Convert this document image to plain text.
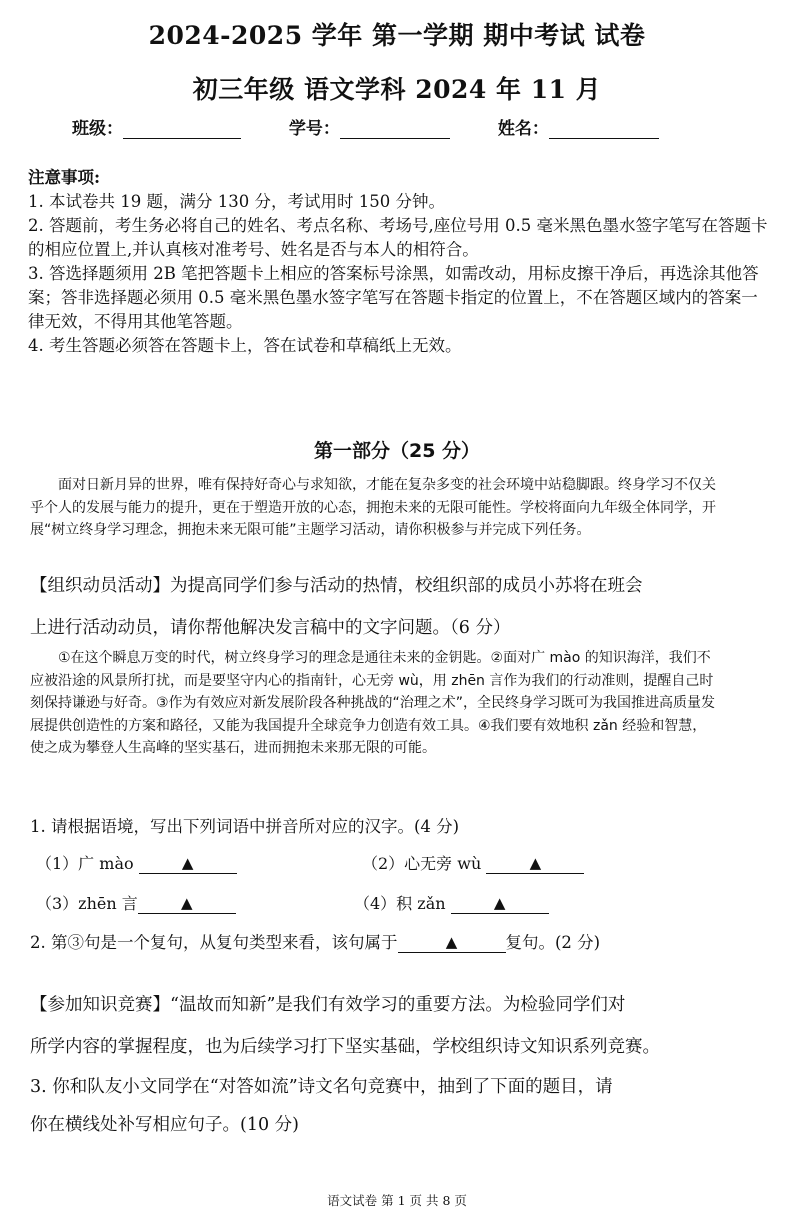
2024-2025 学年 第一学期 期中考试 试卷
初三年级 语文学科 2024 年 11 月
班级：	学号：	姓名：
注意事项:
1. 本试卷共 19 题，满分 130 分，考试用时 150 分钟。
2. 答题前，考生务必将自己的姓名、考点名称、考场号,座位号用 0.5 毫米黑色墨水签字笔写在答题卡的相应位置上,并认真核对准考号、姓名是否与本人的相符合。
3. 答选择题须用 2B 笔把答题卡上相应的答案标号涂黑，如需改动，用标皮擦干净后，再选涂其他答案；答非选择题必须用 0.5 毫米黑色墨水签字笔写在答题卡指定的位置上，不在答题区域内的答案一律无效，不得用其他笔答题。
4. 考生答题必须答在答题卡上，答在试卷和草稿纸上无效。
第一部分（25 分）
面对日新月异的世界，唯有保持好奇心与求知欲，才能在复杂多变的社会环境中站稳脚跟。终身学习不仅关乎个人的发展与能力的提升，更在于塑造开放的心态，拥抱未来的无限可能性。学校将面向九年级全体同学，开展“树立终身学习理念，拥抱未来无限可能”主题学习活动，请你积极参与并完成下列任务。
【组织动员活动】为提高同学们参与活动的热情，校组织部的成员小苏将在班会
上进行活动动员，请你帮他解决发言稿中的文字问题。（6 分）
①在这个瞬息万变的时代，树立终身学习的理念是通往未来的金钥匙。②面对广 mào 的知识海洋，我们不应被沿途的风景所打扰，而是要坚守内心的指南针，心无旁 wù，用 zhēn 言作为我们的行动准则，提醒自己时刻保持谦逊与好奇。③作为有效应对新发展阶段各种挑战的“治理之术”，全民终身学习既可为我国推进高质量发展提供创造性的方案和路径，又能为我国提升全球竞争力创造有效工具。④我们要有效地积 zǎn 经验和智慧，使之成为攀登人生高峰的坚实基石，进而拥抱未来那无限的可能。
1. 请根据语境，写出下列词语中拼音所对应的汉字。(4 分)
（1）广 mào	▲	（2）心无旁 wù	▲
（3）zhēn 言	▲	（4）积 zǎn	▲
2. 第③句是一个复句，从复句类型来看，该句属于	▲	复句。(2 分)
【参加知识竞赛】“温故而知新”是我们有效学习的重要方法。为检验同学们对
所学内容的掌握程度，也为后续学习打下坚实基础，学校组织诗文知识系列竞赛。
3. 你和队友小文同学在“对答如流”诗文名句竞赛中，抽到了下面的题目，请
你在横线处补写相应句子。(10 分)
语文试卷 第 1 页 共 8 页
